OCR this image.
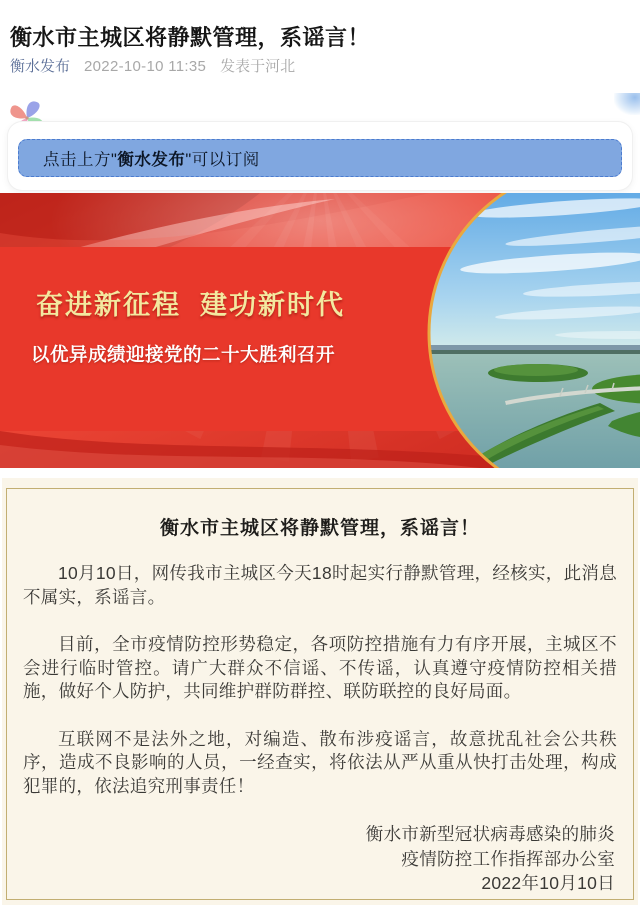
衡水市主城区将静默管理，系谣言！
衡水发布 2022-10-10 11:35 发表于河北
点击上方" 衡水发布 "可以订阅
奋进新征程  建功新时代
以优异成绩迎接党的二十大胜利召开
衡水市主城区将静默管理，系谣言！

10月10日，网传我市主城区今天18时起实行静默管理，经核实，此消息不属实，系谣言。

目前，全市疫情防控形势稳定，各项防控措施有力有序开展，主城区不会进行临时管控。请广大群众不信谣、不传谣，认真遵守疫情防控相关措施，做好个人防护，共同维护群防群控、联防联控的良好局面。

互联网不是法外之地，对编造、散布涉疫谣言，故意扰乱社会公共秩序，造成不良影响的人员，一经查实，将依法从严从重从快打击处理，构成犯罪的，依法追究刑事责任！

衡水市新型冠状病毒感染的肺炎
疫情防控工作指挥部办公室
2022年10月10日
